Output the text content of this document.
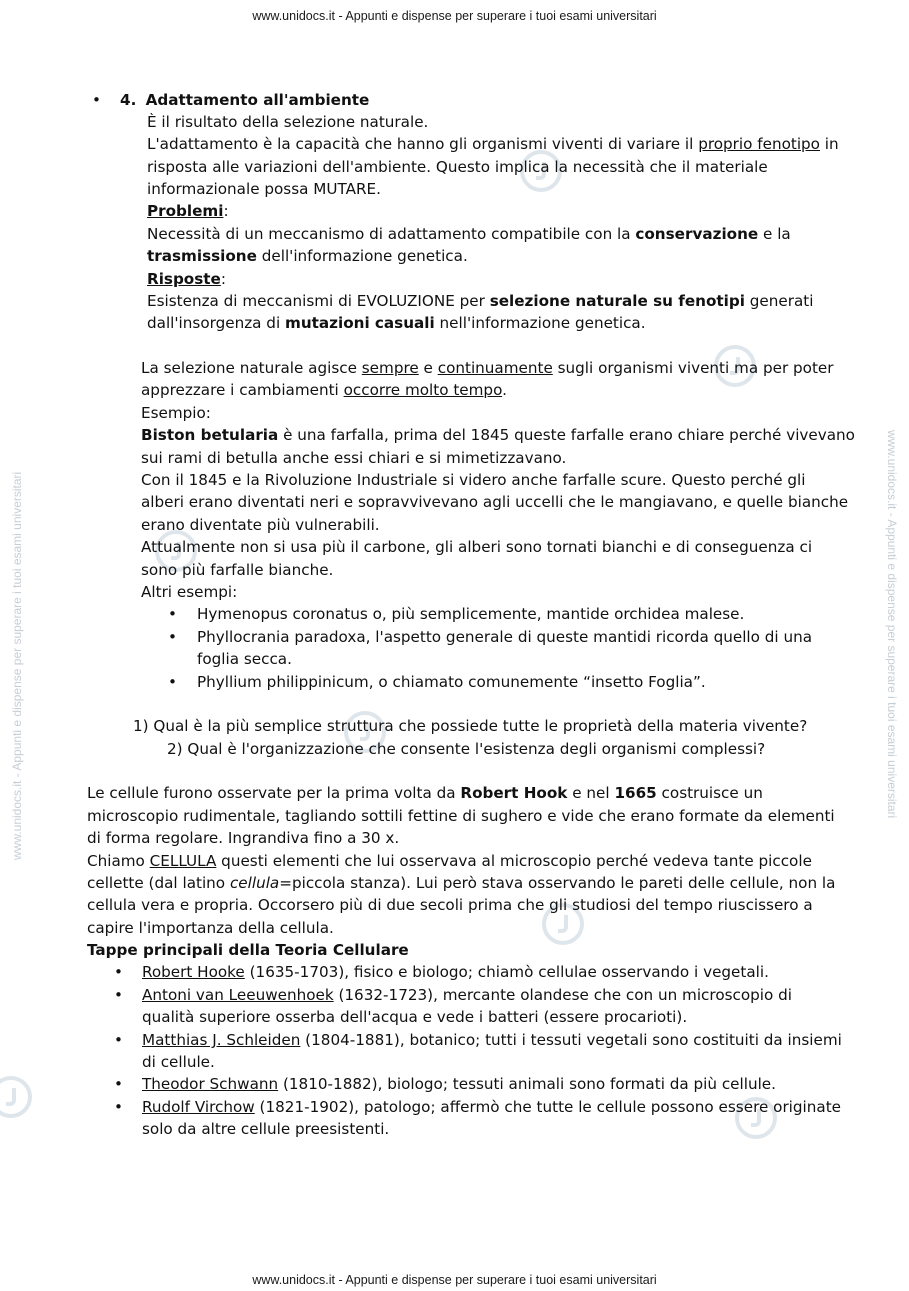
www.unidocs.it - Appunti e dispense per superare i tuoi esami universitari
www.unidocs.it - Appunti e dispense per superare i tuoi esami universitari
www.unidocs.it - Appunti e dispense per superare i tuoi esami universitari	www.unidocs.it - Appunti e dispense per superare i tuoi esami universitari
• 4. Adattamento all'ambiente
È il risultato della selezione naturale.
L'adattamento è la capacità che hanno gli organismi viventi di variare il proprio fenotipo in
risposta alle variazioni dell'ambiente. Questo implica la necessità che il materiale
informazionale possa MUTARE.
Problemi:
Necessità di un meccanismo di adattamento compatibile con la conservazione e la
trasmissione dell'informazione genetica.
Risposte:
Esistenza di meccanismi di EVOLUZIONE per selezione naturale su fenotipi generati
dall'insorgenza di mutazioni casuali nell'informazione genetica.
La selezione naturale agisce sempre e continuamente sugli organismi viventi ma per poter
apprezzare i cambiamenti occorre molto tempo.
Esempio:
Biston betularia è una farfalla, prima del 1845 queste farfalle erano chiare perché vivevano
sui rami di betulla anche essi chiari e si mimetizzavano.
Con il 1845 e la Rivoluzione Industriale si videro anche farfalle scure. Questo perché gli
alberi erano diventati neri e sopravvivevano agli uccelli che le mangiavano, e quelle bianche
erano diventate più vulnerabili.
Attualmente non si usa più il carbone, gli alberi sono tornati bianchi e di conseguenza ci
sono più farfalle bianche.
Altri esempi:
• Hymenopus coronatus o, più semplicemente, mantide orchidea malese.
• Phyllocrania paradoxa, l'aspetto generale di queste mantidi ricorda quello di una
foglia secca.
• Phyllium philippinicum, o chiamato comunemente “insetto Foglia”.
1) Qual è la più semplice struttura che possiede tutte le proprietà della materia vivente?
2) Qual è l'organizzazione che consente l'esistenza degli organismi complessi?
Le cellule furono osservate per la prima volta da Robert Hook e nel 1665 costruisce un
microscopio rudimentale, tagliando sottili fettine di sughero e vide che erano formate da elementi
di forma regolare. Ingrandiva fino a 30 x.
Chiamo CELLULA questi elementi che lui osservava al microscopio perché vedeva tante piccole
cellette (dal latino cellula=piccola stanza). Lui però stava osservando le pareti delle cellule, non la
cellula vera e propria. Occorsero più di due secoli prima che gli studiosi del tempo riuscissero a
capire l'importanza della cellula.
Tappe principali della Teoria Cellulare
• Robert Hooke (1635-1703), fisico e biologo; chiamò cellulae osservando i vegetali.
• Antoni van Leeuwenhoek (1632-1723), mercante olandese che con un microscopio di
qualità superiore osserba dell'acqua e vede i batteri (essere procarioti).
• Matthias J. Schleiden (1804-1881), botanico; tutti i tessuti vegetali sono costituiti da insiemi
di cellule.
• Theodor Schwann (1810-1882), biologo; tessuti animali sono formati da più cellule.
• Rudolf Virchow (1821-1902), patologo; affermò che tutte le cellule possono essere originate
solo da altre cellule preesistenti.
